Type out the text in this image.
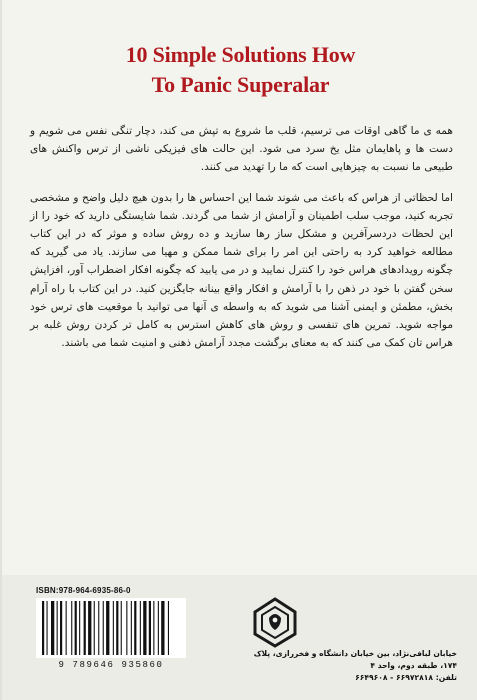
10 Simple Solutions How
To Panic Superalar

همه ی ما گاهی اوقات می ترسیم، قلب ما شروع به تپش می کند، دچار تنگی نفس می شویم و دست ها و پاهایمان مثل یخ سرد می شود. این حالت های فیزیکی ناشی از ترس واکنش های طبیعی ما نسبت به چیزهایی است که ما را تهدید می کنند.

اما لحظاتی از هراس که باعث می شوند شما این احساس ها را بدون هیچ دلیل واضح و مشخصی تجربه کنید، موجب سلب اطمینان و آرامش از شما می گردند. شما شایستگی دارید که خود را از این لحظات دردسرآفرین و مشکل ساز رها سازید و ده روش ساده و موثر که در این کتاب مطالعه خواهید کرد به راحتی این امر را برای شما ممکن و مهیا می سازند. یاد می گیرید که چگونه رویدادهای هراس خود را کنترل نمایید و در می یابید که چگونه افکار اضطراب آور، افزایش سخن گفتن با خود در ذهن را با آرامش و افکار واقع بینانه جایگزین کنید. در این کتاب با راه آرام بخش، مطمئن و ایمنی آشنا می شوید که به واسطه ی آنها می توانید با موقعیت های ترس خود مواجه شوید. تمرین های تنفسی و روش های کاهش استرس به کامل تر کردن روش غلبه بر هراس تان کمک می کنند که به معنای برگشت مجدد آرامش ذهنی و امنیت شما می باشند.

ISBN:978-964-6935-86-0
9 789646 935860
خیابان لبافی‌نژاد، بین خیابان دانشگاه و فخررازی، پلاک ۱۷۴، طبقه دوم، واحد ۴
تلفن: ۶۶۹۷۲۸۱۸ - ۶۶۴۹۶۰۸
